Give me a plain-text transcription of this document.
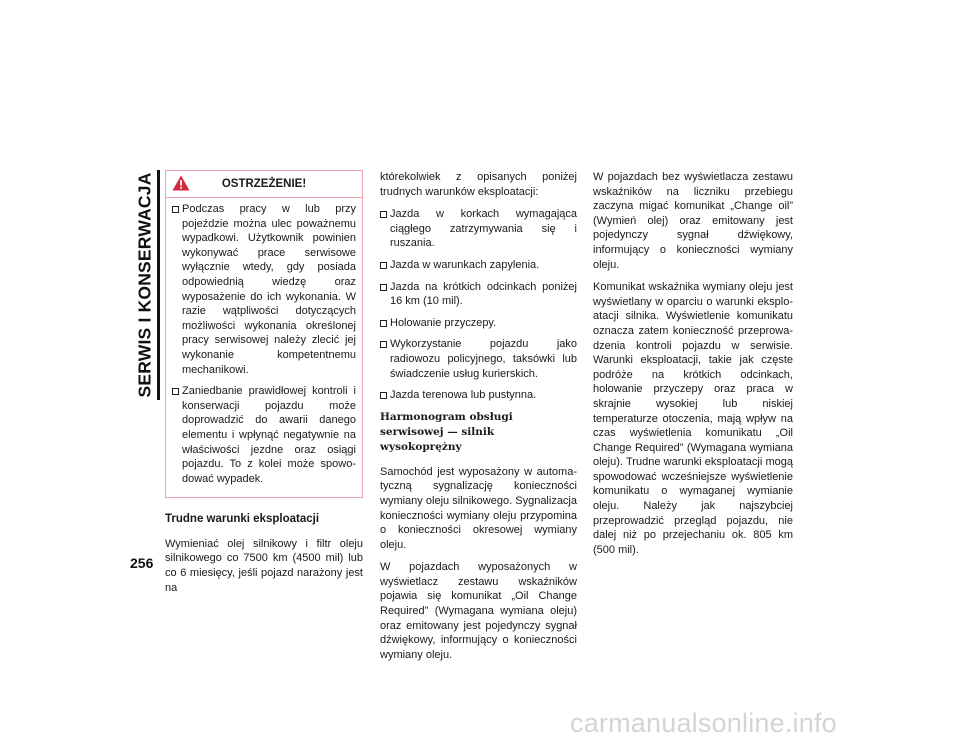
SERWIS I KONSERWACJA
256
OSTRZEŻENIE!
Podczas pracy w lub przy pojeździe można ulec poważnemu wypadkowi. Użytkownik powinien wykonywać prace serwisowe wyłącznie wtedy, gdy posiada odpowiednią wiedzę oraz wyposażenie do ich wykonania. W razie wątpliwości dotyczących możliwości wykonania określonej pracy serwisowej należy zlecić jej wykonanie kompetentnemu mechanikowi.
Zaniedbanie prawidłowej kontroli i konserwacji pojazdu może doprowadzić do awarii danego elementu i wpłynąć negatywnie na właściwości jezdne oraz osiągi pojazdu. To z kolei może spowodować wypadek.
Trudne warunki eksploatacji

Wymieniać olej silnikowy i filtr oleju silnikowego co 7500 km (4500 mil) lub co 6 miesięcy, jeśli pojazd narażony jest na

którekolwiek z opisanych poniżej trudnych warunków eksploatacji:

Jazda w korkach wymagająca ciągłego zatrzymywania się i ruszania.
Jazda w warunkach zapylenia.
Jazda na krótkich odcinkach poniżej 16 km (10 mil).
Holowanie przyczepy.
Wykorzystanie pojazdu jako radiowozu policyjnego, taksówki lub świadczenie usług kurierskich.
Jazda terenowa lub pustynna.
Harmonogram obsługi serwisowej — silnik wysokoprężny

Samochód jest wyposażony w automatyczną sygnalizację konieczności wymiany oleju silnikowego. Sygnalizacja konieczności wymiany oleju przypomina o konieczności okresowej wymiany oleju.

W pojazdach wyposażonych w wyświetlacz zestawu wskaźników pojawia się komunikat „Oil Change Required” (Wymagana wymiana oleju) oraz emitowany jest pojedynczy sygnał dźwiękowy, informujący o konieczności wymiany oleju.

W pojazdach bez wyświetlacza zestawu wskaźników na liczniku przebiegu zaczyna migać komunikat „Change oil” (Wymień olej) oraz emitowany jest pojedynczy sygnał dźwiękowy, informujący o konieczności wymiany oleju.

Komunikat wskaźnika wymiany oleju jest wyświetlany w oparciu o warunki eksploatacji silnika. Wyświetlenie komunikatu oznacza zatem konieczność przeprowadzenia kontroli pojazdu w serwisie. Warunki eksploatacji, takie jak częste podróże na krótkich odcinkach, holowanie przyczepy oraz praca w skrajnie wysokiej lub niskiej temperaturze otoczenia, mają wpływ na czas wyświetlenia komunikatu „Oil Change Required” (Wymagana wymiana oleju). Trudne warunki eksploatacji mogą spowodować wcześniejsze wyświetlenie komunikatu o wymaganej wymianie oleju. Należy jak najszybciej przeprowadzić przegląd pojazdu, nie dalej niż po przejechaniu ok. 805 km (500 mil).

carmanualsonline.info
